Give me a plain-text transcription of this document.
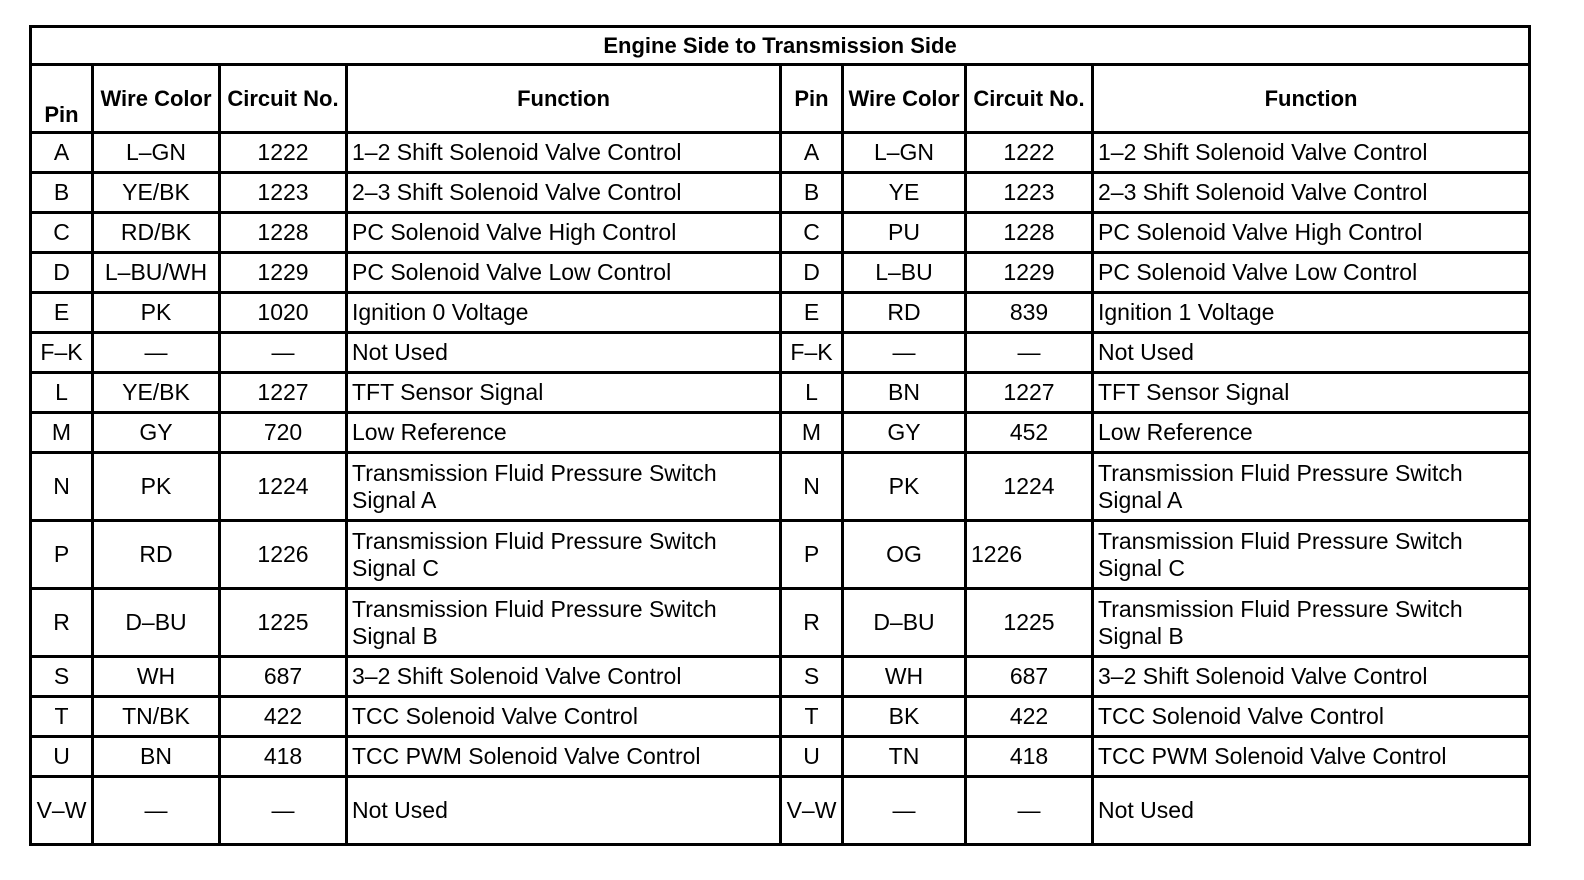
Engine Side to Transmission Side							
Pin	Wire Color	Circuit No.	Function	Pin	Wire Color	Circuit No.	Function
A	L–GN	1222	1–2 Shift Solenoid Valve Control	A	L–GN	1222	1–2 Shift Solenoid Valve Control
B	YE/BK	1223	2–3 Shift Solenoid Valve Control	B	YE	1223	2–3 Shift Solenoid Valve Control
C	RD/BK	1228	PC Solenoid Valve High Control	C	PU	1228	PC Solenoid Valve High Control
D	L–BU/WH	1229	PC Solenoid Valve Low Control	D	L–BU	1229	PC Solenoid Valve Low Control
E	PK	1020	Ignition 0 Voltage	E	RD	839	Ignition 1 Voltage
F–K	—	—	Not Used	F–K	—	—	Not Used
L	YE/BK	1227	TFT Sensor Signal	L	BN	1227	TFT Sensor Signal
M	GY	720	Low Reference	M	GY	452	Low Reference
N	PK	1224	Transmission Fluid Pressure Switch Signal A	N	PK	1224	Transmission Fluid Pressure Switch Signal A
P	RD	1226	Transmission Fluid Pressure Switch Signal C	P	OG	1226	Transmission Fluid Pressure Switch Signal C
R	D–BU	1225	Transmission Fluid Pressure Switch Signal B	R	D–BU	1225	Transmission Fluid Pressure Switch Signal B
S	WH	687	3–2 Shift Solenoid Valve Control	S	WH	687	3–2 Shift Solenoid Valve Control
T	TN/BK	422	TCC Solenoid Valve Control	T	BK	422	TCC Solenoid Valve Control
U	BN	418	TCC PWM Solenoid Valve Control	U	TN	418	TCC PWM Solenoid Valve Control
V–W	—	—	Not Used	V–W	—	—	Not Used
